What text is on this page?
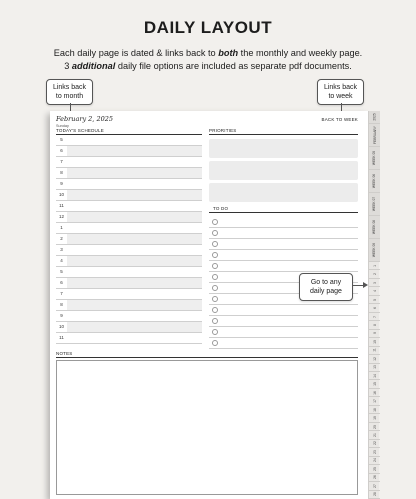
DAILY LAYOUT
Each daily page is dated & links back to both the monthly and weekly page.
3 additional daily file options are included as separate pdf documents.
Links back
to month
Links back
to week
February 2, 2025
Sunday
BACK TO WEEK
TODAY'S SCHEDULE	PRIORITIES
5
6
7
8
9
10
11
12
1
2
3
4
5
6
7
8
9
10
11
TO DO
NOTES
2025
FEBRUARY
WEEK 05
WEEK 06
WEEK 07
WEEK 08
WEEK 09
1
2
3
4
5
6
7
8
9
10
11
12
13
14
15
16
17
18
19
20
21
22
23
24
25
26
27
28
Go to any
daily page
